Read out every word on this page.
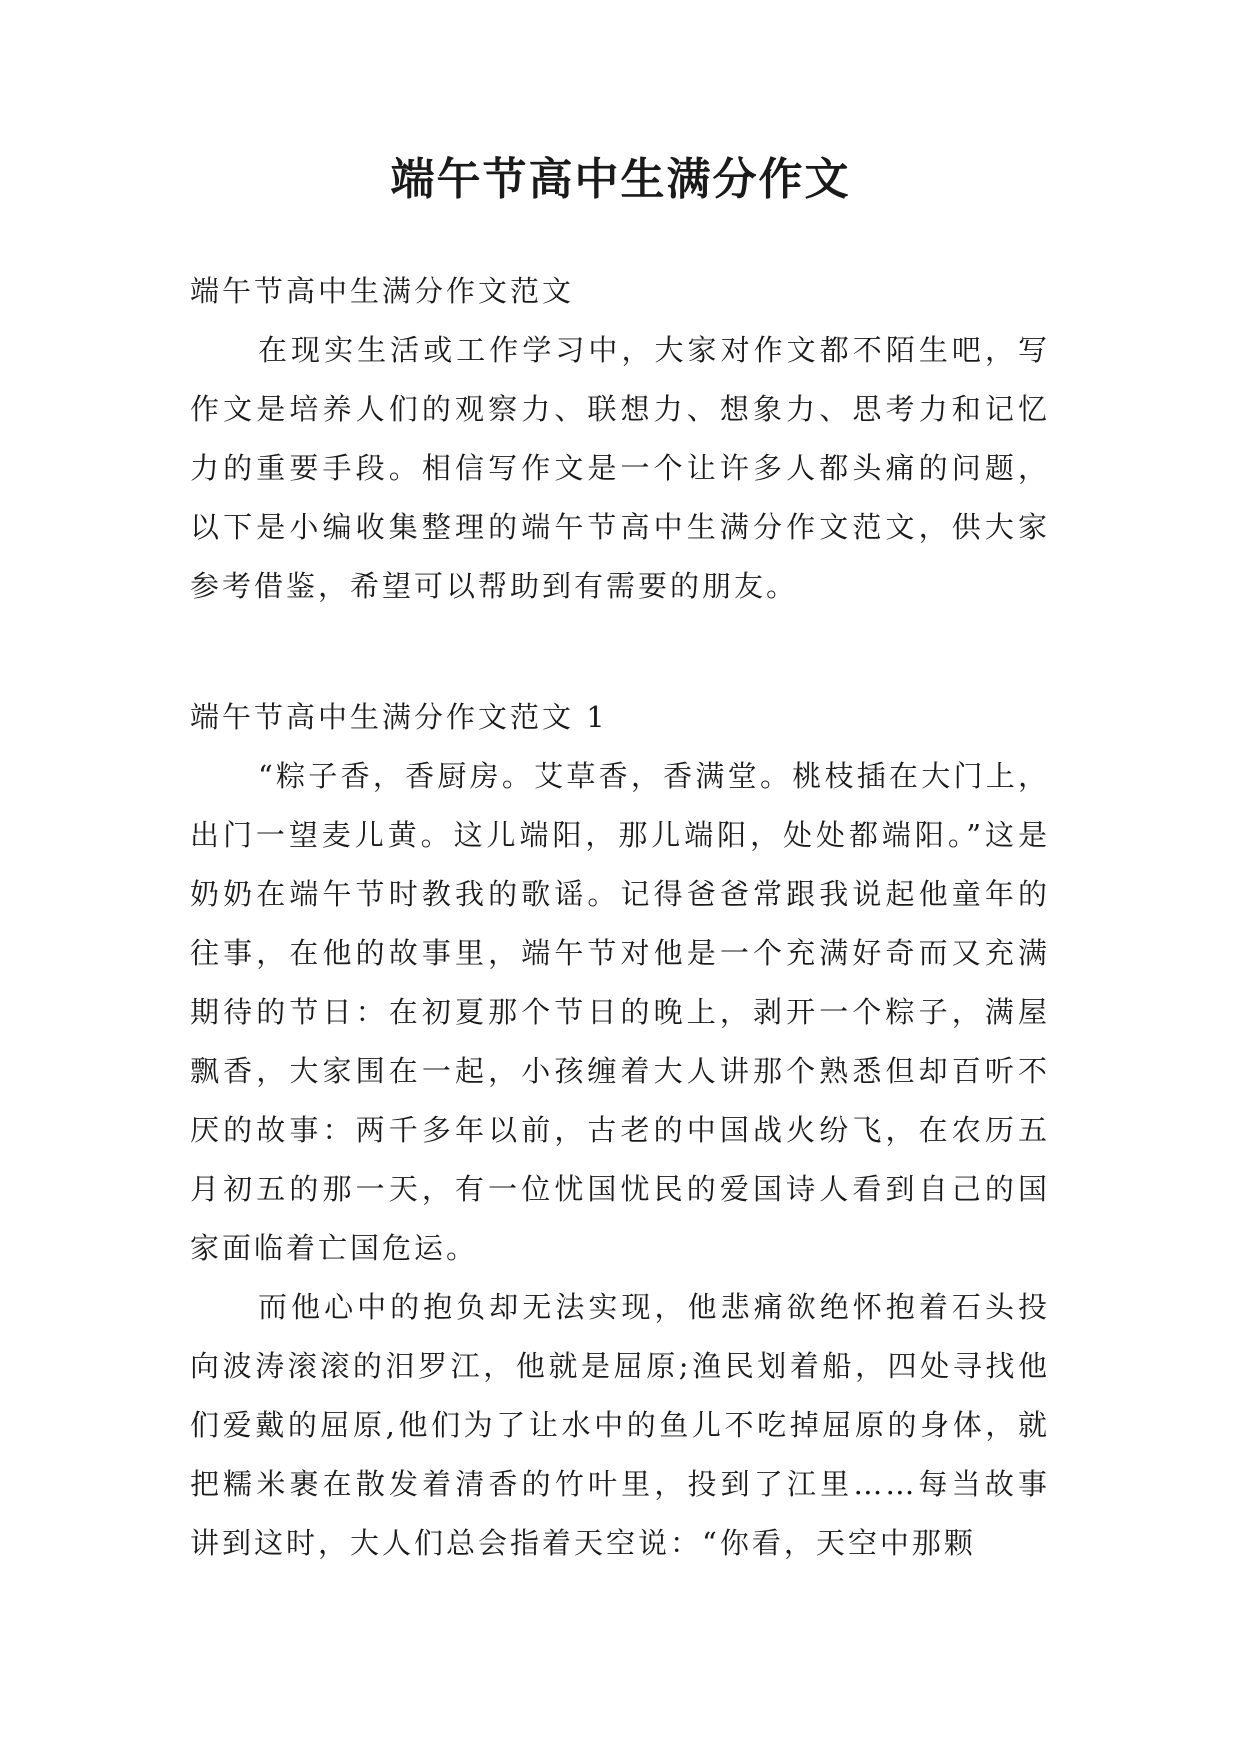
端午节高中生满分作文

端午节高中生满分作文范文

在现实生活或工作学习中，大家对作文都不陌生吧，写作文是培养人们的观察力、联想力、想象力、思考力和记忆力的重要手段。相信写作文是一个让许多人都头痛的问题，以下是小编收集整理的端午节高中生满分作文范文，供大家参考借鉴，希望可以帮助到有需要的朋友。

端午节高中生满分作文范文 1

“粽子香，香厨房。艾草香，香满堂。桃枝插在大门上，出门一望麦儿黄。这儿端阳，那儿端阳，处处都端阳。”这是奶奶在端午节时教我的歌谣。记得爸爸常跟我说起他童年的往事，在他的故事里，端午节对他是一个充满好奇而又充满期待的节日：在初夏那个节日的晚上，剥开一个粽子，满屋飘香，大家围在一起，小孩缠着大人讲那个熟悉但却百听不厌的故事：两千多年以前，古老的中国战火纷飞，在农历五月初五的那一天，有一位忧国忧民的爱国诗人看到自己的国家面临着亡国危运。

而他心中的抱负却无法实现，他悲痛欲绝怀抱着石头投向波涛滚滚的汨罗江，他就是屈原;渔民划着船，四处寻找他们爱戴的屈原,他们为了让水中的鱼儿不吃掉屈原的身体，就把糯米裹在散发着清香的竹叶里，投到了江里……每当故事讲到这时，大人们总会指着天空说：“你看，天空中那颗
